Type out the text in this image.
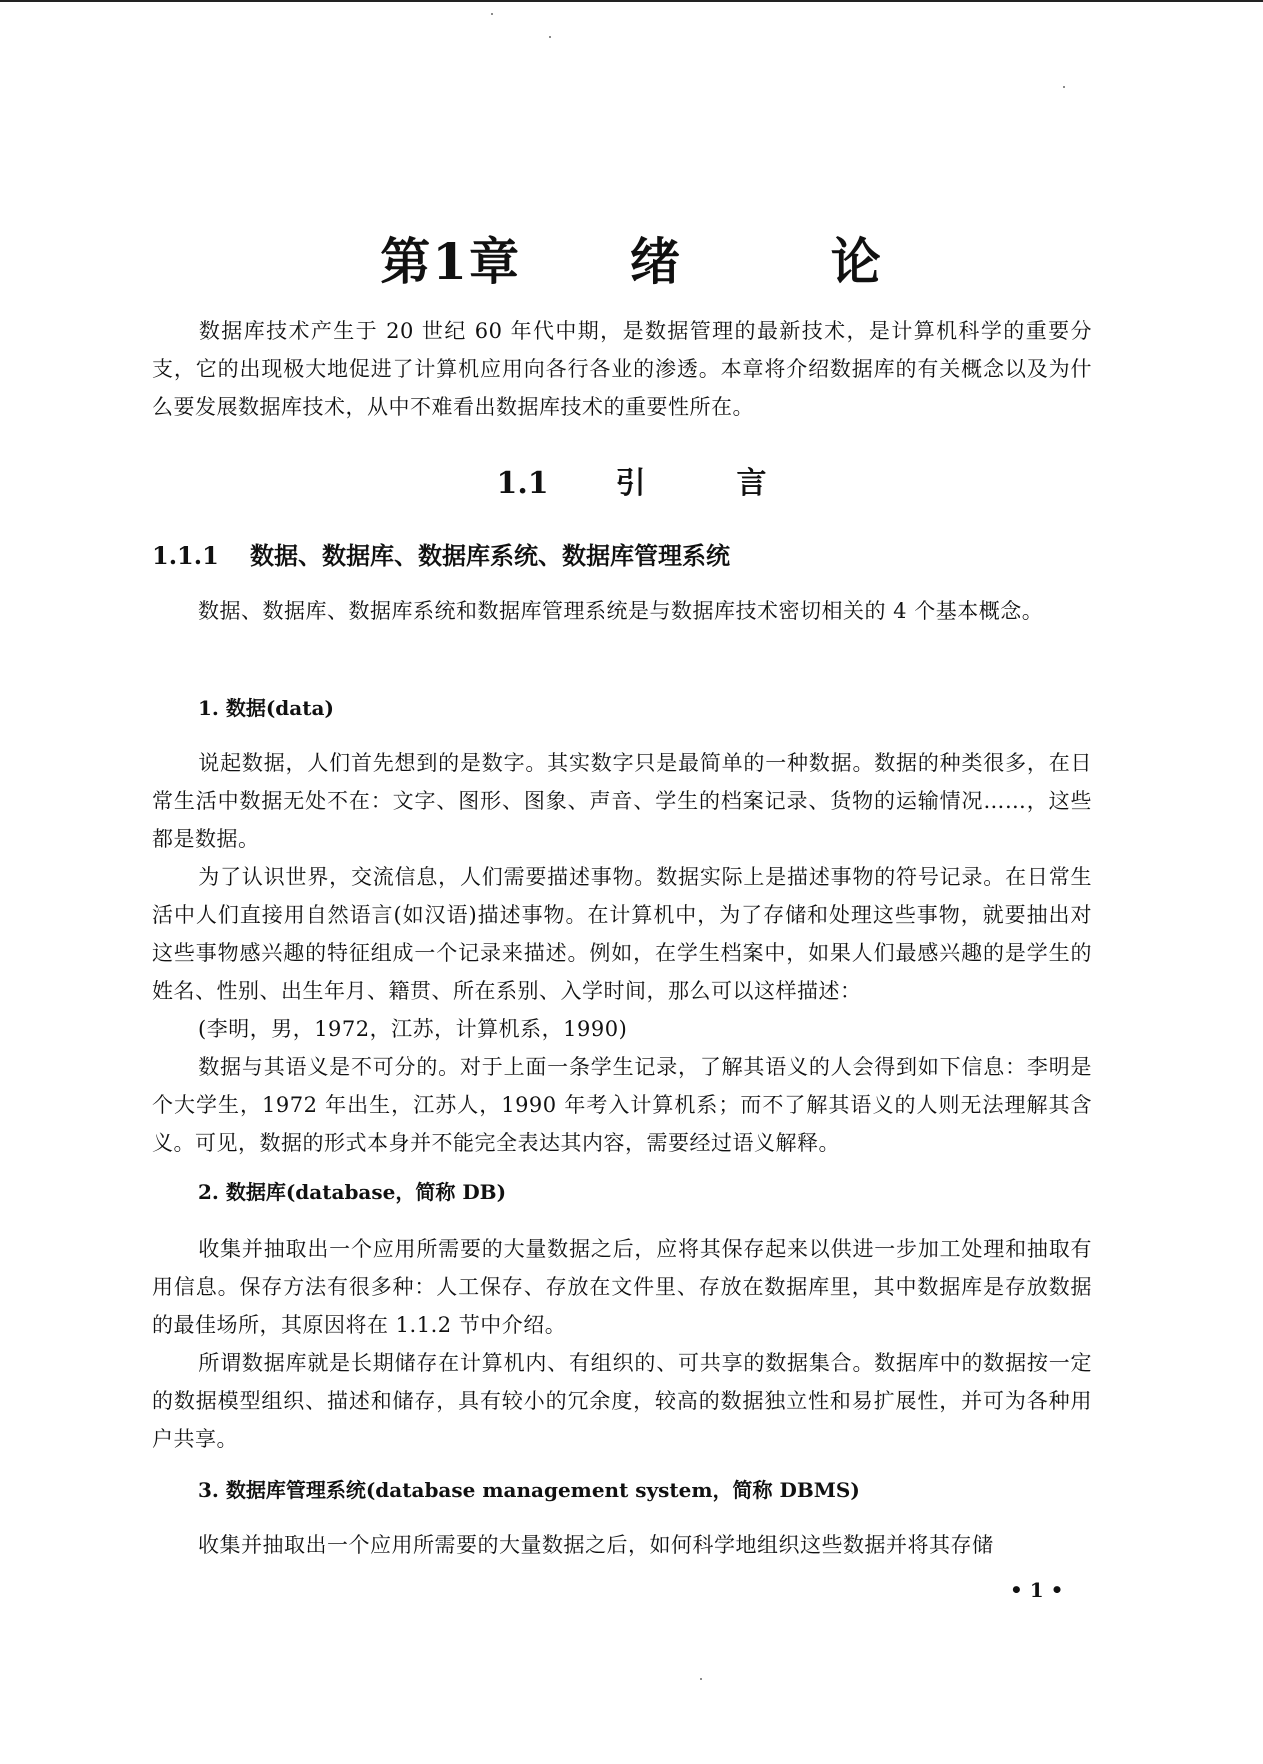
第1章 绪	论
数据库技术产生于 20 世纪 60 年代中期，是数据管理的最新技术，是计算机科学的重要分支，它的出现极大地促进了计算机应用向各行各业的渗透。本章将介绍数据库的有关概念以及为什么要发展数据库技术，从中不难看出数据库技术的重要性所在。
1.1 引	言
1.1.1 数据、数据库、数据库系统、数据库管理系统
数据、数据库、数据库系统和数据库管理系统是与数据库技术密切相关的 4 个基本概念。
1. 数据(data)
说起数据，人们首先想到的是数字。其实数字只是最简单的一种数据。数据的种类很多，在日常生活中数据无处不在：文字、图形、图象、声音、学生的档案记录、货物的运输情况……，这些都是数据。
为了认识世界，交流信息，人们需要描述事物。数据实际上是描述事物的符号记录。在日常生活中人们直接用自然语言(如汉语)描述事物。在计算机中，为了存储和处理这些事物，就要抽出对这些事物感兴趣的特征组成一个记录来描述。例如，在学生档案中，如果人们最感兴趣的是学生的姓名、性别、出生年月、籍贯、所在系别、入学时间，那么可以这样描述：
(李明，男，1972，江苏，计算机系，1990)
数据与其语义是不可分的。对于上面一条学生记录，了解其语义的人会得到如下信息：李明是个大学生，1972 年出生，江苏人，1990 年考入计算机系；而不了解其语义的人则无法理解其含义。可见，数据的形式本身并不能完全表达其内容，需要经过语义解释。
2. 数据库(database，简称 DB)
收集并抽取出一个应用所需要的大量数据之后，应将其保存起来以供进一步加工处理和抽取有用信息。保存方法有很多种：人工保存、存放在文件里、存放在数据库里，其中数据库是存放数据的最佳场所，其原因将在 1.1.2 节中介绍。
所谓数据库就是长期储存在计算机内、有组织的、可共享的数据集合。数据库中的数据按一定的数据模型组织、描述和储存，具有较小的冗余度，较高的数据独立性和易扩展性，并可为各种用户共享。
3. 数据库管理系统(database management system，简称 DBMS)
收集并抽取出一个应用所需要的大量数据之后，如何科学地组织这些数据并将其存储
• 1 •
